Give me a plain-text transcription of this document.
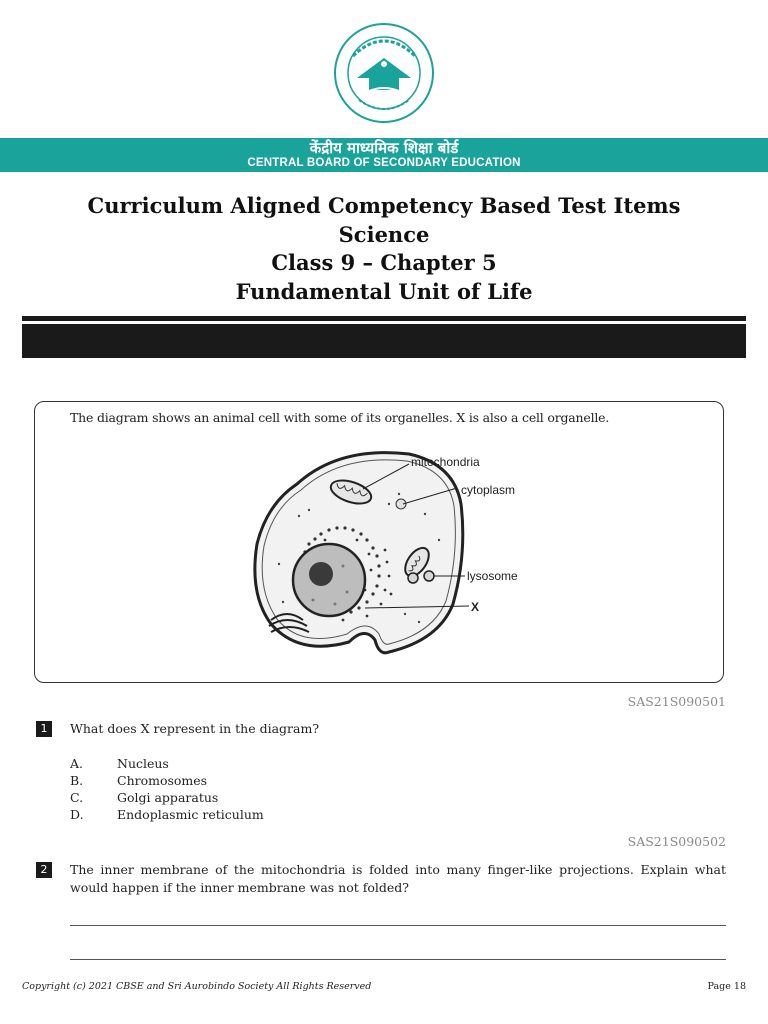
केंद्रीय माध्यमिक शिक्षा बोर्ड
CENTRAL BOARD OF SECONDARY EDUCATION
Curriculum Aligned Competency Based Test Items
Science
Class 9 – Chapter 5
Fundamental Unit of Life
The diagram shows an animal cell with some of its organelles. X is also a cell organelle.
mitochondria
cytoplasm
lysosome
X
SAS21S090501
1	What does X represent in the diagram?
A.	Nucleus
B.	Chromosomes
C.	Golgi apparatus
D.	Endoplasmic reticulum
SAS21S090502
2	The inner membrane of the mitochondria is folded into many finger-like projections. Explain what would happen if the inner membrane was not folded?
Copyright (c) 2021 CBSE and Sri Aurobindo Society All Rights Reserved	Page 18
